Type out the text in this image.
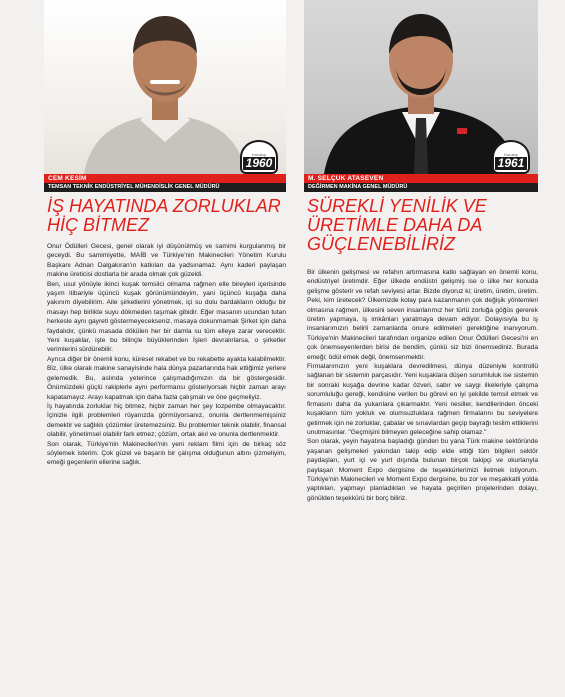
Kuruluş
1960
CEM KESİM
TEMSAN TEKNİK ENDÜSTRİYEL MÜHENDİSLİK GENEL MÜDÜRÜ
İŞ HAYATINDA ZORLUKLAR
HİÇ BİTMEZ

Onur Ödülleri Gecesi, genel olarak iyi düşünülmüş ve samimi kurgulanmış bir geceydi. Bu samimiyette, MAİB ve Türkiye'nin Makinecileri Yönetim Kurulu Başkanı Adnan Dalgakıran'ın katkıları da yadsınamaz. Aynı kaderi paylaşan makine üreticisi dostlarla bir arada olmak çok güzeldi.

Ben, usul yönüyle ikinci kuşak temsilci olmama rağmen elle bireyleri içerisinde yaşım itibariyle üçüncü kuşak görünümündeyim, yani üçüncü kuşağa daha yakınım diyebilirim. Aile şirketlerini yönetmek, içi su dolu bardakların olduğu bir masayı hep birlikte suyu dökmeden taşımak gibidir. Eğer masanın ucundan tutan herkesle aynı gayreti göstermeyecekseniz, masaya dokunmamak Şirket için daha faydalıdır, çünkü masada dökülen her bir damla su tüm elleye zarar verecektir. Yeni kuşaklar, işte bu bilinçle büyüklerinden İşleri devralırlarsa, o şirketler verimlerini sürdürebilir.

Ayrıca diğer bir önemli konu, küresel rekabet ve bu rekabette ayakta kalabilmektir. Biz, ülke olarak makine sanayisinde hala dünya pazarlarında hak ettiğimiz yerlere gelemedik. Bu, aslında yeterince çalışmadığımızın da bir göstergesidir. Önümüzdeki güçlü rakiplerle aynı performansı gösteriyorsak hiçbir zaman arayı kapatamayız. Arayı kapatmak için daha fazla çalışmalı ve öne geçmeliyiz.

İş hayatında zorluklar hiç bitmez, hiçbir zaman her şey tozpembe olmayacaktır. İçinizle ilgili problemleri rüyanızda görmüyorsanız, onunla dertlenmemişsiniz demektir ve sağlıklı çözümler üretemezsiniz. Bu problemler teknik olabilir, finansal olabilir, yönetimsel olabilir fark etmez; çözüm, ortak akıl ve onunla dertlenmektir.

Son olarak, Türkiye'nin Makinecileri'nin yeni reklam filmi için de birkaç söz söylemek isterim. Çok güzel ve başarılı bir çalışma olduğunun altını çizmeliyim, emeği geçenlerin ellerine sağlık.

Kuruluş
1961
M. SELÇUK ATASEVEN
DEĞİRMEN MAKİNA GENEL MÜDÜRÜ
SÜREKLİ YENİLİK VE
ÜRETİMLE DAHA DA
GÜÇLENEBİLİRİZ

Bir ülkenin gelişmesi ve refahın artırmasına katkı sağlayan en önemli konu, endüstriyel üretimdir. Eğer ülkede endüstri gelişmiş ise o ülke her konuda gelişme gösterir ve refah seviyesi artar. Bizde diyoruz ki; üretim, üretim, üretim. Peki, kim üretecek? Ülkemizde kolay para kazanmanın çok değişik yöntemleri olmasına rağmen, ülkesini seven insanlarımız her türlü zorluğa göğüs gererek üretim yapmaya, iş imkânları yaratmaya devam ediyor. Dolayısıyla bu iş insanlarımızın belirli zamanlarda onure edilmeleri gerektiğine inanıyorum. Türkiye'nin Makinecileri tarafından organize edilen Onur Ödülleri Gecesi'ni en çok önemseyenlerden birisi de bendim, çünkü siz bizi önemsediniz. Burada emeği; ödül emek değil, önemsenmektir.

Firmalarımızın yeni kuşaklara devredilmesi, dünya düzeniyle kontrollü sağlanan bir sistemin parçasıdır. Yeni kuşaklara düşen sorumluluk ise sistemin bir sonraki kuşağa devrine kadar özveri, sabır ve saygı ilkeleriyle çalışma sorumluluğu gereği, kendisine verilen bu görevi en iyi şekilde temsil etmek ve firmasını daha da yukarılara çıkarmaktır. Yeni nesiller, kendilerinden önceki kuşakların tüm yokluk ve olumsuzluklara rağmen firmalarını bu seviyelere getirmek için ne zorluklar, çabalar ve sınavlardan geçip bayrağı teslim ettiklerini unutmasınlar. "Geçmişini bilmeyen geleceğine sahip olamaz."

Son olarak, yeyin hayatına başladığı günden bu yana Türk makine sektöründe yaşanan gelişmeleri yakından takip edip elde ettiği tüm bilgileri sektör paydaşları, yurt içi ve yurt dışında bulunan birçok takipçi ve okurlarıyla paylaşan Moment Expo dergisine de teşekkürlerimizi iletmek istiyorum. Türkiye'nin Makinecileri ve Moment Expo dergisine, bu zor ve meşakkatli yolda yaptıkları, yapmayı planladıkları ve hayata geçirilen projelerinden dolayı, gönülden teşekkürü bir borç biliriz.
